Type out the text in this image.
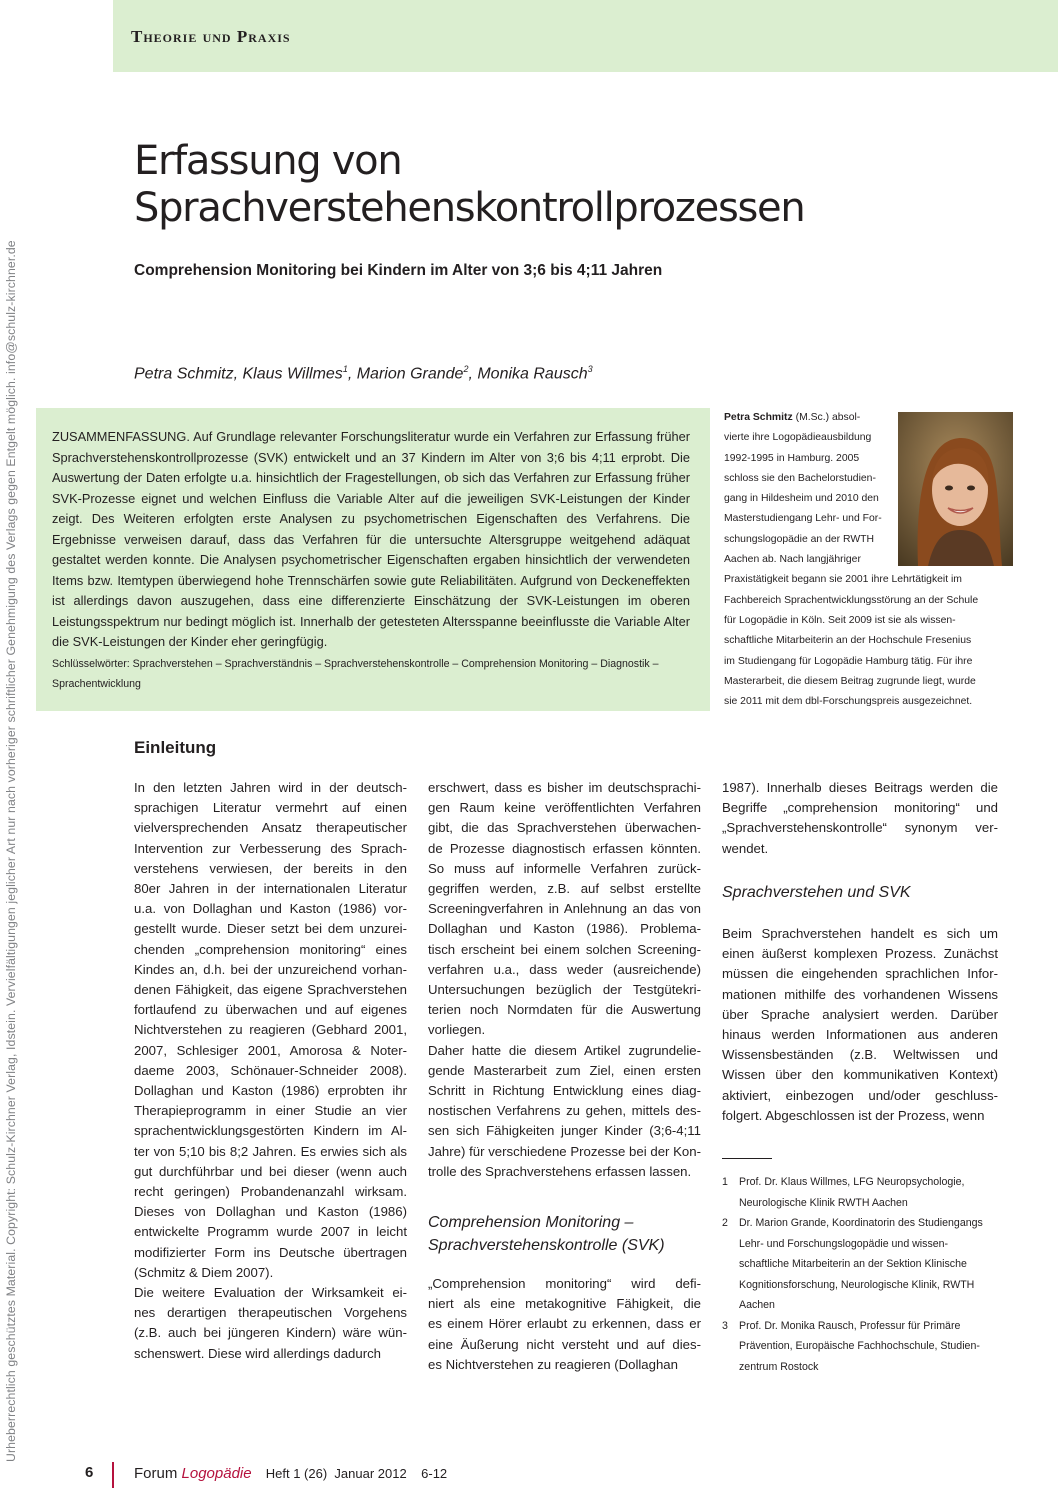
Urheberrechtlich geschütztes Material. Copyright: Schulz-Kirchner Verlag, Idstein. Vervielfältigungen jeglicher Art nur nach vorheriger schriftlicher Genehmigung des Verlags gegen Entgelt möglich. info@schulz-kirchner.de
Theorie und Praxis
Erfassung von
Sprachverstehenskontrollprozessen
Comprehension Monitoring bei Kindern im Alter von 3;6 bis 4;11 Jahren
Petra Schmitz, Klaus Willmes$^1$, Marion Grande$^2$, Monika Rausch$^3$

ZUSAMMENFASSUNG. Auf Grundlage relevanter Forschungsliteratur wurde ein Verfahren zur Erfassung früher Sprachverstehenskontrollprozesse (SVK) entwickelt und an 37 Kindern im Alter von 3;6 bis 4;11 erprobt. Die Auswertung der Daten erfolgte u.a. hinsichtlich der Fragestellungen, ob sich das Verfahren zur Erfassung früher SVK-Prozesse eignet und welchen Einfluss die Variable Alter auf die jeweiligen SVK-Leistungen der Kinder zeigt. Des Weiteren erfolgten erste Analysen zu psychometrischen Eigenschaften des Verfahrens. Die Ergebnisse verweisen darauf, dass das Verfahren für die untersuchte Altersgruppe weitgehend adäquat gestaltet werden konnte. Die Analysen psychometrischer Eigenschaften ergaben hinsichtlich der verwendeten Items bzw. Itemtypen überwiegend hohe Trennschärfen sowie gute Reliabilitäten. Aufgrund von Deckeneffekten ist allerdings davon auszugehen, dass eine differenzierte Einschätzung der SVK-Leistungen im oberen Leistungsspektrum nur bedingt möglich ist. Innerhalb der getesteten Altersspanne beeinflusste die Variable Alter die SVK-Leistungen der Kinder eher geringfügig.

Schlüsselwörter: Sprachverstehen – Sprachverständnis – Sprachverstehenskontrolle – Comprehension Monitoring – Diagnostik – Sprachentwicklung
Petra Schmitz (M.Sc.) absol-
vierte ihre Logopädieausbildung
1992-1995 in Hamburg. 2005
schloss sie den Bachelorstudien-
gang in Hildesheim und 2010 den
Masterstudiengang Lehr- und For-
schungslogopädie an der RWTH
Aachen ab. Nach langjähriger
Praxistätigkeit begann sie 2001 ihre Lehrtätigkeit im
Fachbereich Sprachentwicklungsstörung an der Schule
für Logopädie in Köln. Seit 2009 ist sie als wissen-
schaftliche Mitarbeiterin an der Hochschule Fresenius
im Studiengang für Logopädie Hamburg tätig. Für ihre
Masterarbeit, die diesem Beitrag zugrunde liegt, wurde
sie 2011 mit dem dbl-Forschungspreis ausgezeichnet.
Einleitung
In den letzten Jahren wird in der deutsch-
sprachigen Literatur vermehrt auf einen
vielversprechenden Ansatz therapeutischer
Intervention zur Verbesserung des Sprach-
verstehens verwiesen, der bereits in den
80er Jahren in der internationalen Literatur
u.a. von Dollaghan und Kaston (1986) vor-
gestellt wurde. Dieser setzt bei dem unzurei-
chenden „comprehension monitoring“ eines
Kindes an, d.h. bei der unzureichend vorhan-
denen Fähigkeit, das eigene Sprachverstehen
fortlaufend zu überwachen und auf eigenes
Nichtverstehen zu reagieren (Gebhard 2001,
2007, Schlesiger 2001, Amorosa & Noter-
daeme 2003, Schönauer-Schneider 2008).
Dollaghan und Kaston (1986) erprobten ihr
Therapieprogramm in einer Studie an vier
sprachentwicklungsgestörten Kindern im Al-
ter von 5;10 bis 8;2 Jahren. Es erwies sich als
gut durchführbar und bei dieser (wenn auch
recht geringen) Probandenanzahl wirksam.
Dieses von Dollaghan und Kaston (1986)
entwickelte Programm wurde 2007 in leicht
modifizierter Form ins Deutsche übertragen
(Schmitz & Diem 2007).
Die weitere Evaluation der Wirksamkeit ei-
nes derartigen therapeutischen Vorgehens
(z.B. auch bei jüngeren Kindern) wäre wün-
schenswert. Diese wird allerdings dadurch
erschwert, dass es bisher im deutschsprachi-
gen Raum keine veröffentlichten Verfahren
gibt, die das Sprachverstehen überwachen-
de Prozesse diagnostisch erfassen könnten.
So muss auf informelle Verfahren zurück-
gegriffen werden, z.B. auf selbst erstellte
Screeningverfahren in Anlehnung an das von
Dollaghan und Kaston (1986). Problema-
tisch erscheint bei einem solchen Screening-
verfahren u.a., dass weder (ausreichende)
Untersuchungen bezüglich der Testgütekri-
terien noch Normdaten für die Auswertung
vorliegen.
Daher hatte die diesem Artikel zugrundelie-
gende Masterarbeit zum Ziel, einen ersten
Schritt in Richtung Entwicklung eines diag-
nostischen Verfahrens zu gehen, mittels des-
sen sich Fähigkeiten junger Kinder (3;6-4;11
Jahre) für verschiedene Prozesse bei der Kon-
trolle des Sprachverstehens erfassen lassen.
Comprehension Monitoring –
Sprachverstehenskontrolle (SVK)
„Comprehension monitoring“ wird defi-
niert als eine metakognitive Fähigkeit, die
es einem Hörer erlaubt zu erkennen, dass er
eine Äußerung nicht versteht und auf dies-
es Nichtverstehen zu reagieren (Dollaghan
1987). Innerhalb dieses Beitrags werden die
Begriffe „comprehension monitoring“ und
„Sprachverstehenskontrolle“ synonym ver-
wendet.
Sprachverstehen und SVK
Beim Sprachverstehen handelt es sich um
einen äußerst komplexen Prozess. Zunächst
müssen die eingehenden sprachlichen Infor-
mationen mithilfe des vorhandenen Wissens
über Sprache analysiert werden. Darüber
hinaus werden Informationen aus anderen
Wissensbeständen (z.B. Weltwissen und
Wissen über den kommunikativen Kontext)
aktiviert, einbezogen und/oder geschluss-
folgert. Abgeschlossen ist der Prozess, wenn
1 Prof. Dr. Klaus Willmes, LFG Neuropsychologie,
Neurologische Klinik RWTH Aachen
2 Dr. Marion Grande, Koordinatorin des Studiengangs
Lehr- und Forschungslogopädie und wissen-
schaftliche Mitarbeiterin an der Sektion Klinische
Kognitionsforschung, Neurologische Klinik, RWTH
Aachen
3 Prof. Dr. Monika Rausch, Professur für Primäre
Prävention, Europäische Fachhochschule, Studien-
zentrum Rostock
6	Forum Logopädie Heft 1 (26)  Januar 2012    6-12
